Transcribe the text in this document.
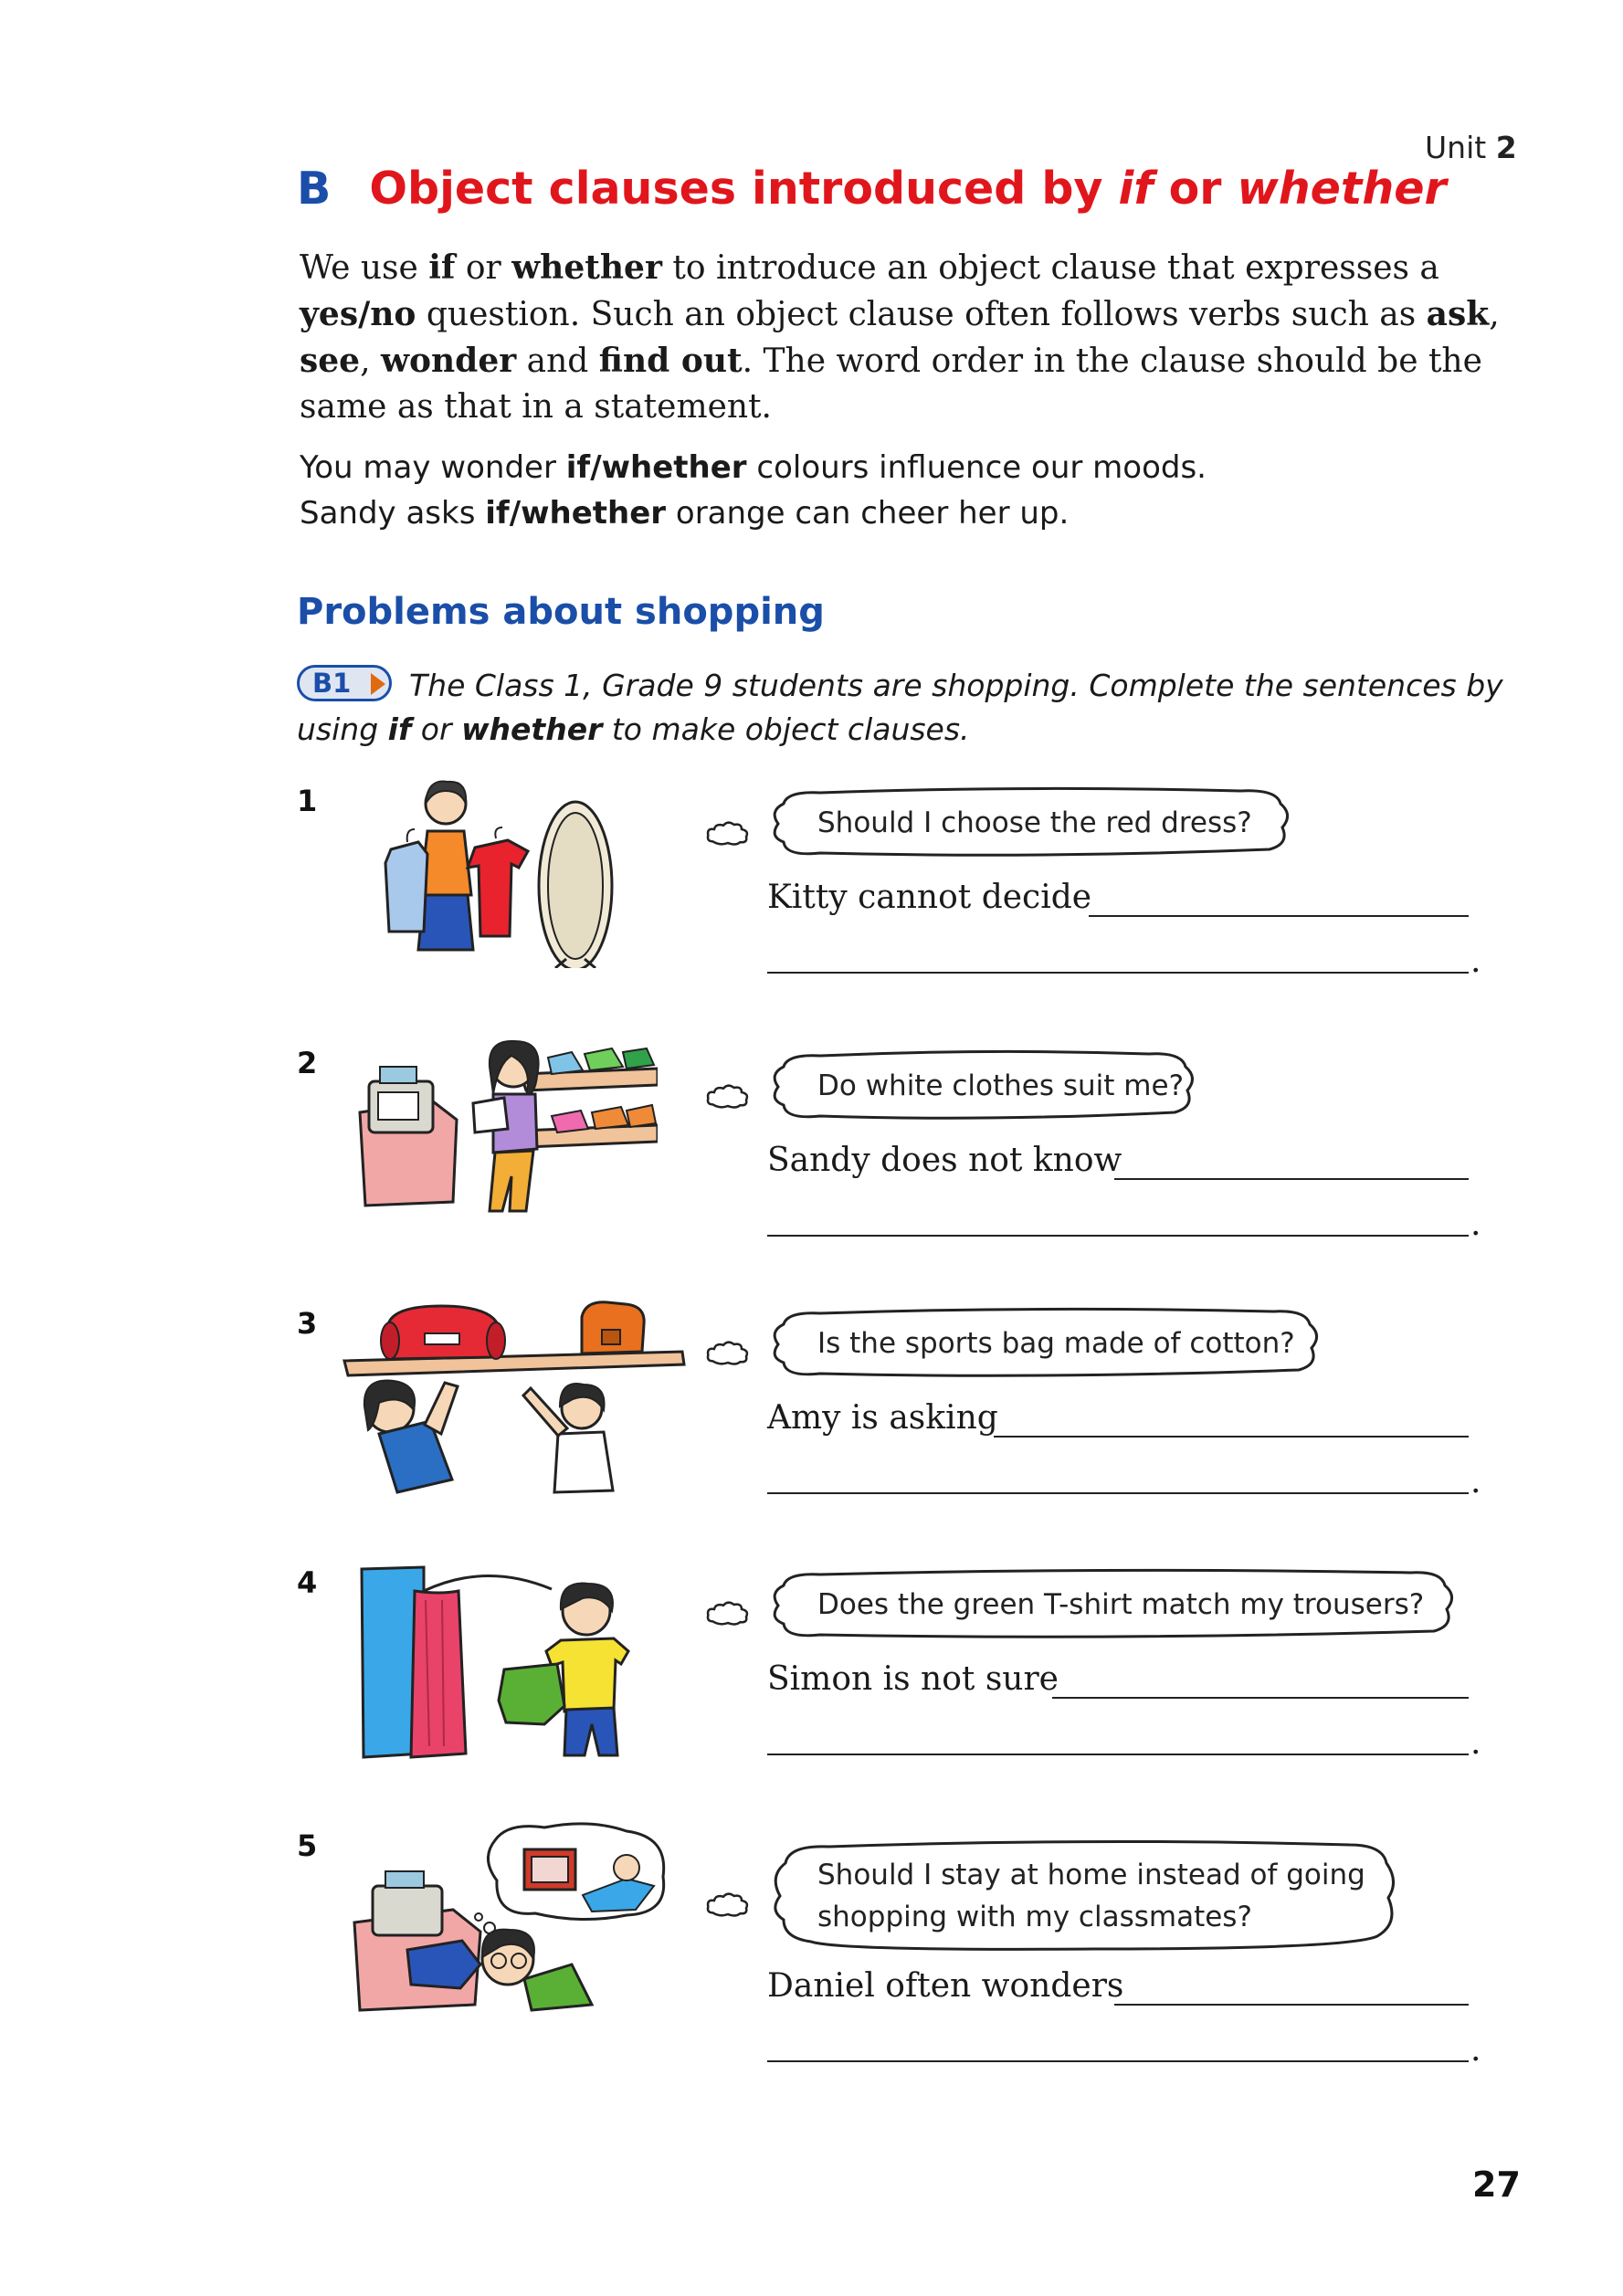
Unit 2
B Object clauses introduced by if or whether
We use if or whether to introduce an object clause that expresses a yes/no question. Such an object clause often follows verbs such as ask, see, wonder and find out. The word order in the clause should be the same as that in a statement.
You may wonder if/whether colours influence our moods.
Sandy asks if/whether orange can cheer her up.
Problems about shopping
B1 The Class 1, Grade 9 students are shopping. Complete the sentences by
using if or whether to make object clauses.
1
Should I choose the red dress?
Kitty cannot decide
.
2
Do white clothes suit me?
Sandy does not know
.
3
Is the sports bag made of cotton?
Amy is asking
.
4
Does the green T-shirt match my trousers?
Simon is not sure
.
5
Should I stay at home instead of going
shopping with my classmates?
Daniel often wonders
.
27
